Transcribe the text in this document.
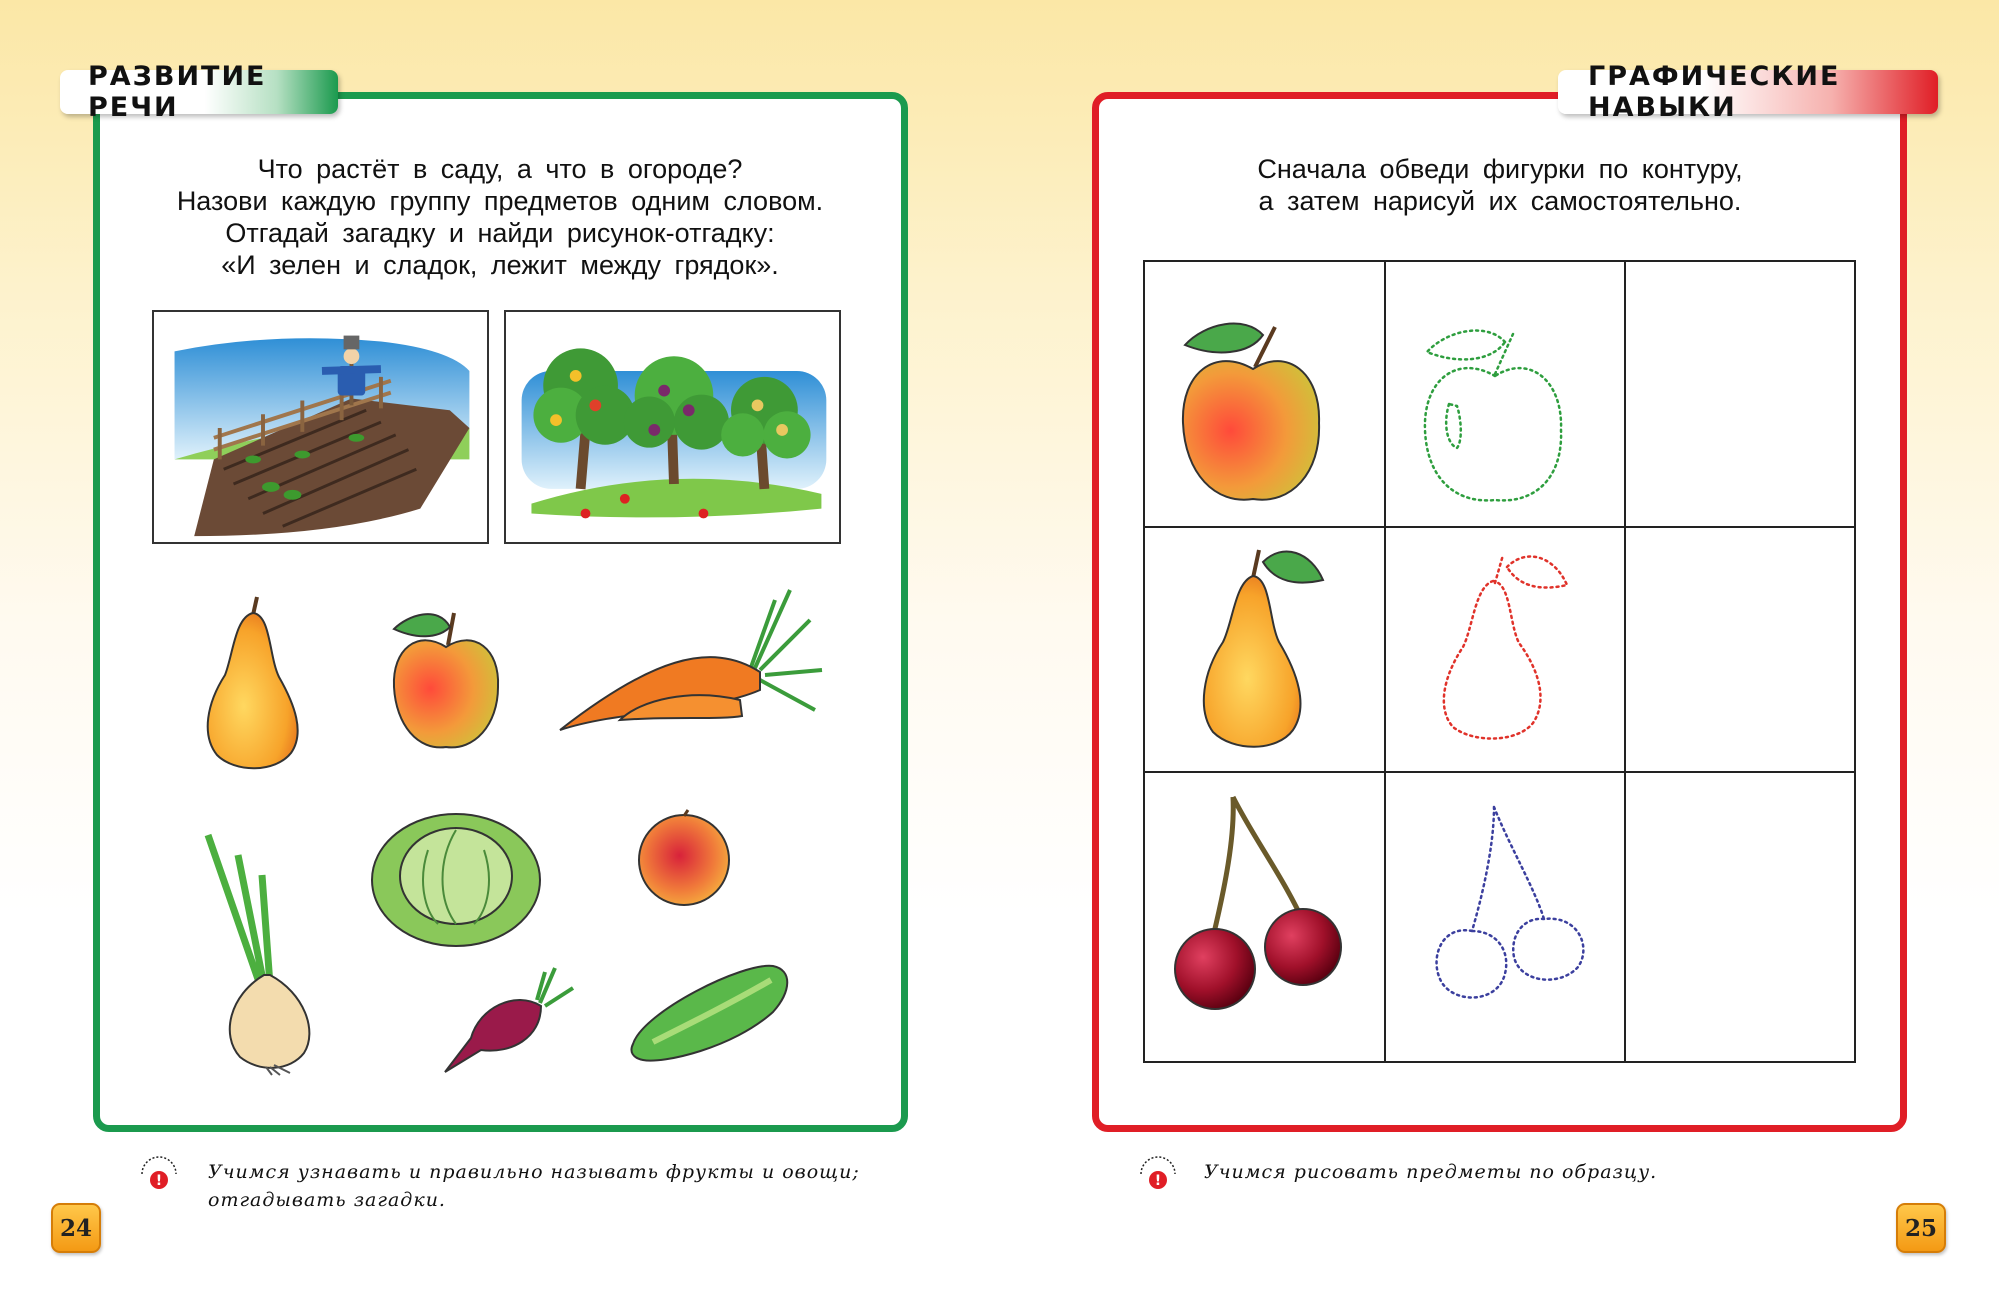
РАЗВИТИЕ РЕЧИ
Что растёт в саду, а что в огороде?
Назови каждую группу предметов одним словом.
Отгадай загадку и найди рисунок-отгадку:
«И зелен и сладок, лежит между грядок».
! Учимся узнавать и правильно называть фрукты и овощи;
отгадывать загадки.
24
ГРАФИЧЕСКИЕ НАВЫКИ
Сначала обведи фигурки по контуру,
а затем нарисуй их самостоятельно.
! Учимся рисовать предметы по образцу.
25
